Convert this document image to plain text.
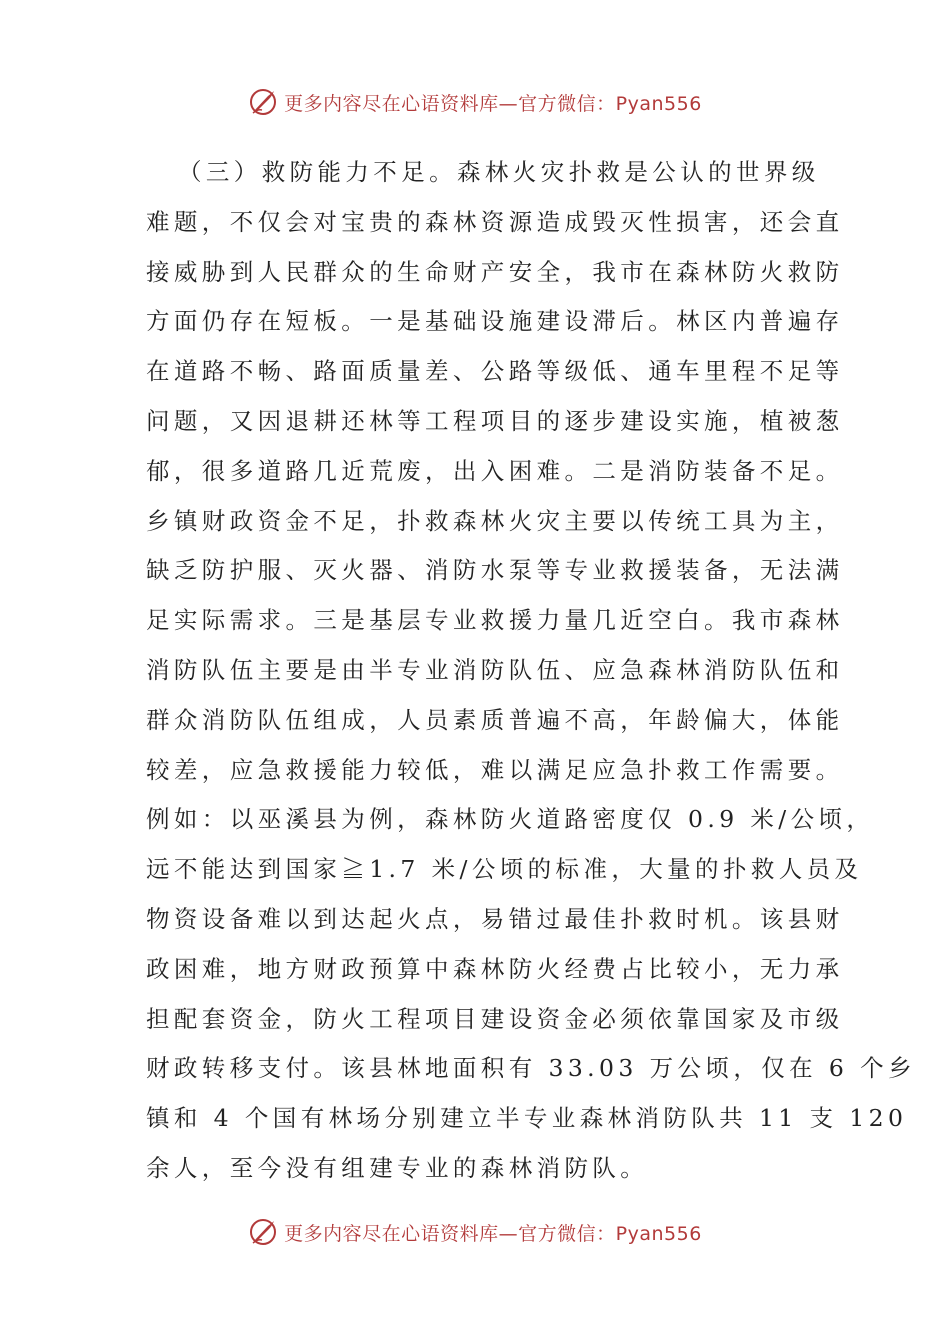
更多内容尽在心语资料库—官方微信：Pyan556
（三）救防能力不足。森林火灾扑救是公认的世界级
难题，不仅会对宝贵的森林资源造成毁灭性损害，还会直
接威胁到人民群众的生命财产安全，我市在森林防火救防
方面仍存在短板。一是基础设施建设滞后。林区内普遍存
在道路不畅、路面质量差、公路等级低、通车里程不足等
问题，又因退耕还林等工程项目的逐步建设实施，植被葱
郁，很多道路几近荒废，出入困难。二是消防装备不足。
乡镇财政资金不足，扑救森林火灾主要以传统工具为主，
缺乏防护服、灭火器、消防水泵等专业救援装备，无法满
足实际需求。三是基层专业救援力量几近空白。我市森林
消防队伍主要是由半专业消防队伍、应急森林消防队伍和
群众消防队伍组成，人员素质普遍不高，年龄偏大，体能
较差，应急救援能力较低，难以满足应急扑救工作需要。
例如：以巫溪县为例，森林防火道路密度仅 0.9 米/公顷，
远不能达到国家≧1.7 米/公顷的标准，大量的扑救人员及
物资设备难以到达起火点，易错过最佳扑救时机。该县财
政困难，地方财政预算中森林防火经费占比较小，无力承
担配套资金，防火工程项目建设资金必须依靠国家及市级
财政转移支付。该县林地面积有 33.03 万公顷，仅在 6 个乡
镇和 4 个国有林场分别建立半专业森林消防队共 11 支 120
余人，至今没有组建专业的森林消防队。
更多内容尽在心语资料库—官方微信：Pyan556
